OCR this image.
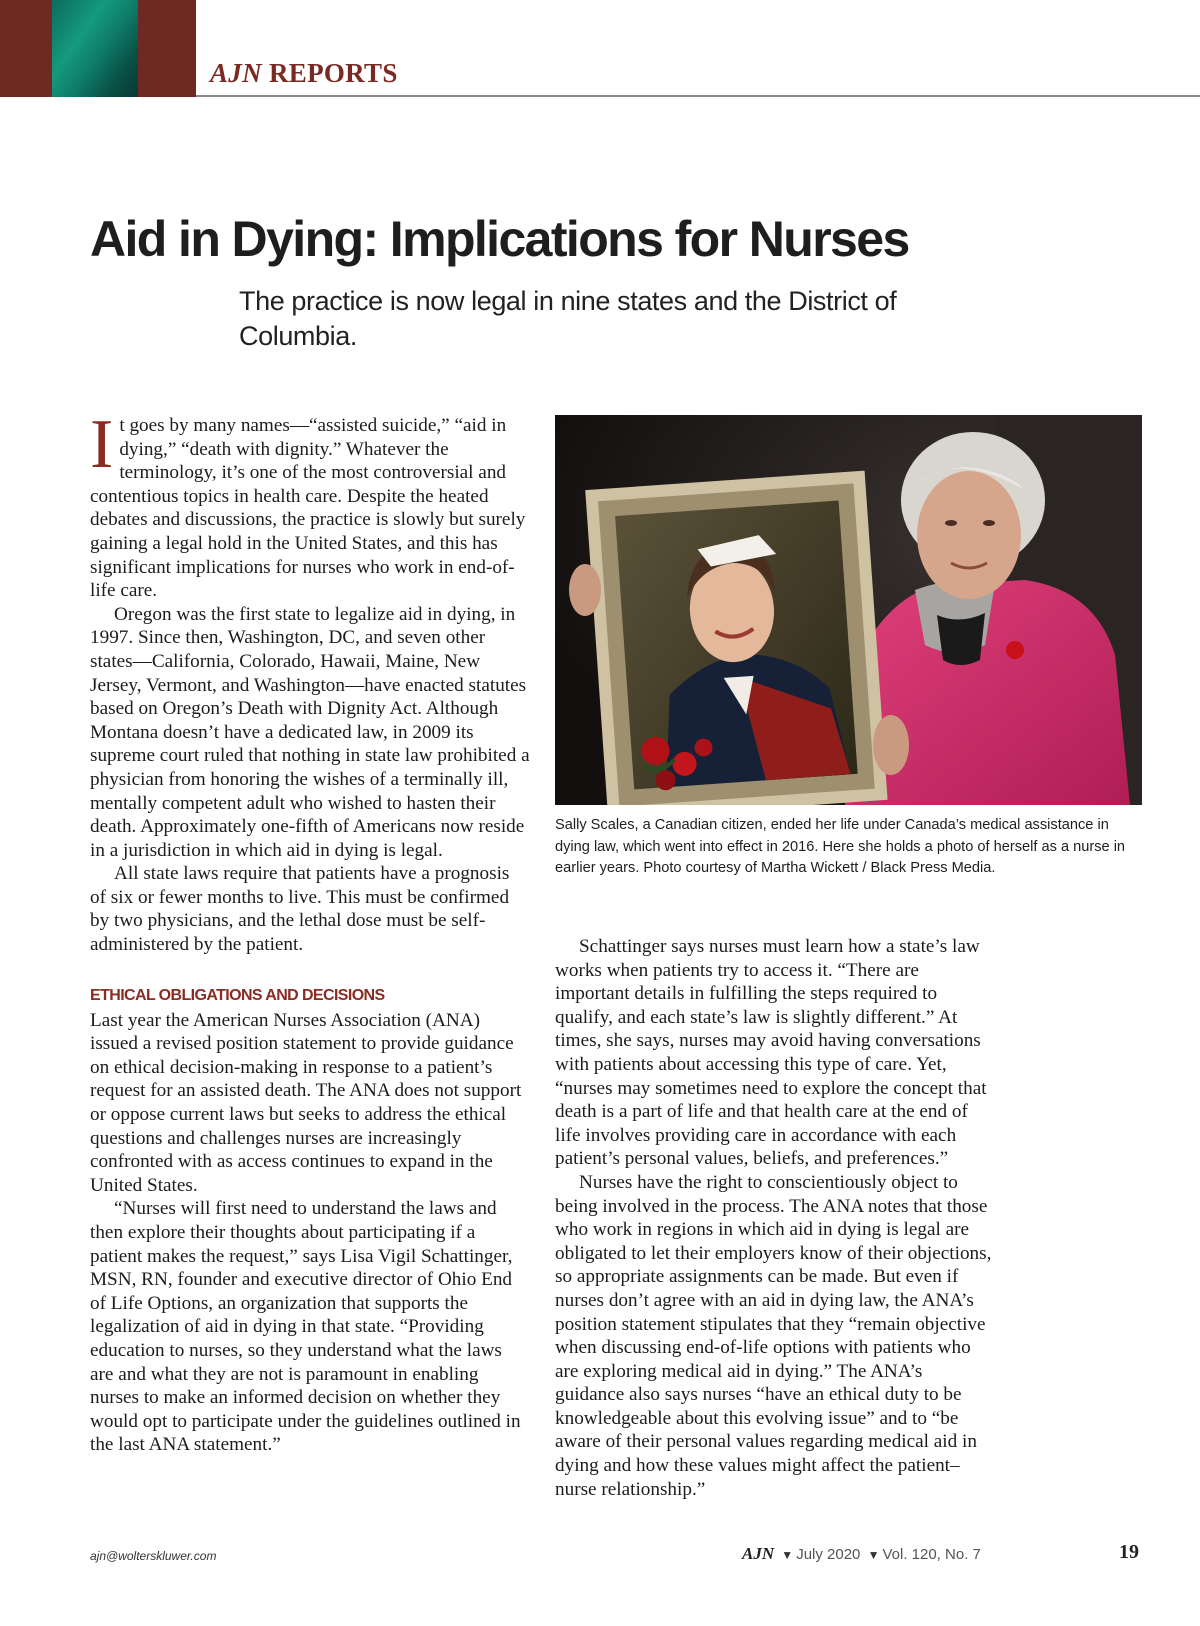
AJN REPORTS
Aid in Dying: Implications for Nurses

The practice is now legal in nine states and the District of Columbia.

It goes by many names—“assisted suicide,” “aid in dying,” “death with dignity.” Whatever the terminology, it’s one of the most controversial and contentious topics in health care. Despite the heated debates and discussions, the practice is slowly but surely gaining a legal hold in the United States, and this has significant implications for nurses who work in end-of-life care.

Oregon was the first state to legalize aid in dying, in 1997. Since then, Washington, DC, and seven other states—California, Colorado, Hawaii, Maine, New Jersey, Vermont, and Washington—have enacted statutes based on Oregon’s Death with Dignity Act. Although Montana doesn’t have a dedicated law, in 2009 its supreme court ruled that nothing in state law prohibited a physician from honoring the wishes of a terminally ill, mentally competent adult who wished to hasten their death. Approximately one-fifth of Americans now reside in a jurisdiction in which aid in dying is legal.

All state laws require that patients have a prognosis of six or fewer months to live. This must be confirmed by two physicians, and the lethal dose must be self-administered by the patient.

ETHICAL OBLIGATIONS AND DECISIONS

Last year the American Nurses Association (ANA) issued a revised position statement to provide guidance on ethical decision-making in response to a patient’s request for an assisted death. The ANA does not support or oppose current laws but seeks to address the ethical questions and challenges nurses are increasingly confronted with as access continues to expand in the United States.

“Nurses will first need to understand the laws and then explore their thoughts about participating if a patient makes the request,” says Lisa Vigil Schattinger, MSN, RN, founder and executive director of Ohio End of Life Options, an organization that supports the legalization of aid in dying in that state. “Providing education to nurses, so they understand what the laws are and what they are not is paramount in enabling nurses to make an informed decision on whether they would opt to participate under the guidelines outlined in the last ANA statement.”

Sally Scales, a Canadian citizen, ended her life under Canada’s medical assistance in dying law, which went into effect in 2016. Here she holds a photo of herself as a nurse in earlier years. Photo courtesy of Martha Wickett / Black Press Media.

Schattinger says nurses must learn how a state’s law works when patients try to access it. “There are important details in fulfilling the steps required to qualify, and each state’s law is slightly different.” At times, she says, nurses may avoid having conversations with patients about accessing this type of care. Yet, “nurses may sometimes need to explore the concept that death is a part of life and that health care at the end of life involves providing care in accordance with each patient’s personal values, beliefs, and preferences.”

Nurses have the right to conscientiously object to being involved in the process. The ANA notes that those who work in regions in which aid in dying is legal are obligated to let their employers know of their objections, so appropriate assignments can be made. But even if nurses don’t agree with an aid in dying law, the ANA’s position statement stipulates that they “remain objective when discussing end-of-life options with patients who are exploring medical aid in dying.” The ANA’s guidance also says nurses “have an ethical duty to be knowledgeable about this evolving issue” and to “be aware of their personal values regarding medical aid in dying and how these values might affect the patient–nurse relationship.”

ajn@wolterskluwer.com	AJN ▼ July 2020 ▼ Vol. 120, No. 7	19
